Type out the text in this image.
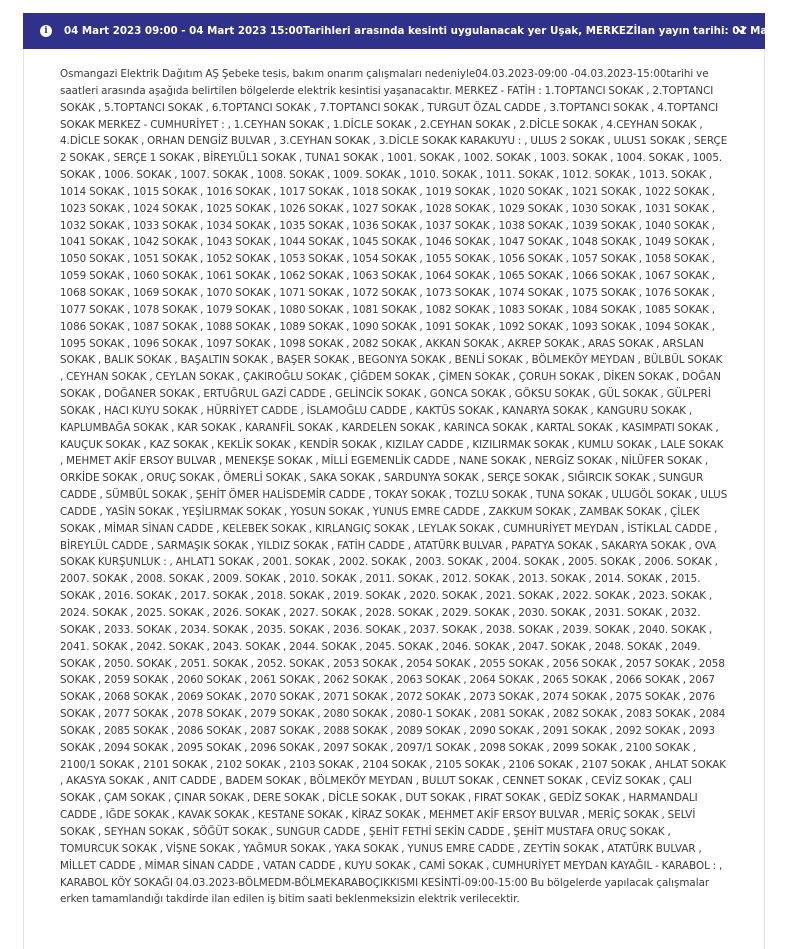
i	04 Mart 2023 09:00 - 04 Mart 2023 15:00 Tarihleri arasında kesinti uygulanacak yer Uşak, MERKEZ İlan yayın tarihi: 01 Mart 2023

Osmangazi Elektrik Dağıtım AŞ Şebeke tesis, bakım onarım çalışmaları nedeniyle04.03.2023-09:00 -04.03.2023-15:00tarihi ve saatleri arasında aşağıda belirtilen bölgelerde elektrik kesintisi yaşanacaktır. MERKEZ - FATİH : 1.TOPTANCI SOKAK , 2.TOPTANCI SOKAK , 5.TOPTANCI SOKAK , 6.TOPTANCI SOKAK , 7.TOPTANCI SOKAK , TURGUT ÖZAL CADDE , 3.TOPTANCI SOKAK , 4.TOPTANCI SOKAK MERKEZ - CUMHURİYET : , 1.CEYHAN SOKAK , 1.DİCLE SOKAK , 2.CEYHAN SOKAK , 2.DİCLE SOKAK , 4.CEYHAN SOKAK , 4.DİCLE SOKAK , ORHAN DENGİZ BULVAR , 3.CEYHAN SOKAK , 3.DİCLE SOKAK KARAKUYU : , ULUS 2 SOKAK , ULUS1 SOKAK , SERÇE 2 SOKAK , SERÇE 1 SOKAK , BİREYLÜL1 SOKAK , TUNA1 SOKAK , 1001. SOKAK , 1002. SOKAK , 1003. SOKAK , 1004. SOKAK , 1005. SOKAK , 1006. SOKAK , 1007. SOKAK , 1008. SOKAK , 1009. SOKAK , 1010. SOKAK , 1011. SOKAK , 1012. SOKAK , 1013. SOKAK , 1014 SOKAK , 1015 SOKAK , 1016 SOKAK , 1017 SOKAK , 1018 SOKAK , 1019 SOKAK , 1020 SOKAK , 1021 SOKAK , 1022 SOKAK , 1023 SOKAK , 1024 SOKAK , 1025 SOKAK , 1026 SOKAK , 1027 SOKAK , 1028 SOKAK , 1029 SOKAK , 1030 SOKAK , 1031 SOKAK , 1032 SOKAK , 1033 SOKAK , 1034 SOKAK , 1035 SOKAK , 1036 SOKAK , 1037 SOKAK , 1038 SOKAK , 1039 SOKAK , 1040 SOKAK , 1041 SOKAK , 1042 SOKAK , 1043 SOKAK , 1044 SOKAK , 1045 SOKAK , 1046 SOKAK , 1047 SOKAK , 1048 SOKAK , 1049 SOKAK , 1050 SOKAK , 1051 SOKAK , 1052 SOKAK , 1053 SOKAK , 1054 SOKAK , 1055 SOKAK , 1056 SOKAK , 1057 SOKAK , 1058 SOKAK , 1059 SOKAK , 1060 SOKAK , 1061 SOKAK , 1062 SOKAK , 1063 SOKAK , 1064 SOKAK , 1065 SOKAK , 1066 SOKAK , 1067 SOKAK , 1068 SOKAK , 1069 SOKAK , 1070 SOKAK , 1071 SOKAK , 1072 SOKAK , 1073 SOKAK , 1074 SOKAK , 1075 SOKAK , 1076 SOKAK , 1077 SOKAK , 1078 SOKAK , 1079 SOKAK , 1080 SOKAK , 1081 SOKAK , 1082 SOKAK , 1083 SOKAK , 1084 SOKAK , 1085 SOKAK , 1086 SOKAK , 1087 SOKAK , 1088 SOKAK , 1089 SOKAK , 1090 SOKAK , 1091 SOKAK , 1092 SOKAK , 1093 SOKAK , 1094 SOKAK , 1095 SOKAK , 1096 SOKAK , 1097 SOKAK , 1098 SOKAK , 2082 SOKAK , AKKAN SOKAK , AKREP SOKAK , ARAS SOKAK , ARSLAN SOKAK , BALIK SOKAK , BAŞALTIN SOKAK , BAŞER SOKAK , BEGONYA SOKAK , BENLİ SOKAK , BÖLMEKÖY MEYDAN , BÜLBÜL SOKAK , CEYHAN SOKAK , CEYLAN SOKAK , ÇAKIROĞLU SOKAK , ÇİĞDEM SOKAK , ÇİMEN SOKAK , ÇORUH SOKAK , DİKEN SOKAK , DOĞAN SOKAK , DOĞANER SOKAK , ERTUĞRUL GAZİ CADDE , GELİNCİK SOKAK , GONCA SOKAK , GÖKSU SOKAK , GÜL SOKAK , GÜLPERİ SOKAK , HACI KUYU SOKAK , HÜRRİYET CADDE , İSLAMOĞLU CADDE , KAKTÜS SOKAK , KANARYA SOKAK , KANGURU SOKAK , KAPLUMBAĞA SOKAK , KAR SOKAK , KARANFİL SOKAK , KARDELEN SOKAK , KARINCA SOKAK , KARTAL SOKAK , KASIMPATI SOKAK , KAUÇUK SOKAK , KAZ SOKAK , KEKLİK SOKAK , KENDİR SOKAK , KIZILAY CADDE , KIZILIRMAK SOKAK , KUMLU SOKAK , LALE SOKAK , MEHMET AKİF ERSOY BULVAR , MENEKŞE SOKAK , MİLLİ EGEMENLİK CADDE , NANE SOKAK , NERGİZ SOKAK , NİLÜFER SOKAK , ORKİDE SOKAK , ORUÇ SOKAK , ÖMERLİ SOKAK , SAKA SOKAK , SARDUNYA SOKAK , SERÇE SOKAK , SIĞIRCIK SOKAK , SUNGUR CADDE , SÜMBÜL SOKAK , ŞEHİT ÖMER HALİSDEMİR CADDE , TOKAY SOKAK , TOZLU SOKAK , TUNA SOKAK , ULUGÖL SOKAK , ULUS CADDE , YASİN SOKAK , YEŞİLIRMAK SOKAK , YOSUN SOKAK , YUNUS EMRE CADDE , ZAKKUM SOKAK , ZAMBAK SOKAK , ÇİLEK SOKAK , MİMAR SİNAN CADDE , KELEBEK SOKAK , KIRLANGIÇ SOKAK , LEYLAK SOKAK , CUMHURİYET MEYDAN , İSTİKLAL CADDE , BİREYLÜL CADDE , SARMAŞIK SOKAK , YILDIZ SOKAK , FATİH CADDE , ATATÜRK BULVAR , PAPATYA SOKAK , SAKARYA SOKAK , OVA SOKAK KURŞUNLUK : , AHLAT1 SOKAK , 2001. SOKAK , 2002. SOKAK , 2003. SOKAK , 2004. SOKAK , 2005. SOKAK , 2006. SOKAK , 2007. SOKAK , 2008. SOKAK , 2009. SOKAK , 2010. SOKAK , 2011. SOKAK , 2012. SOKAK , 2013. SOKAK , 2014. SOKAK , 2015. SOKAK , 2016. SOKAK , 2017. SOKAK , 2018. SOKAK , 2019. SOKAK , 2020. SOKAK , 2021. SOKAK , 2022. SOKAK , 2023. SOKAK , 2024. SOKAK , 2025. SOKAK , 2026. SOKAK , 2027. SOKAK , 2028. SOKAK , 2029. SOKAK , 2030. SOKAK , 2031. SOKAK , 2032. SOKAK , 2033. SOKAK , 2034. SOKAK , 2035. SOKAK , 2036. SOKAK , 2037. SOKAK , 2038. SOKAK , 2039. SOKAK , 2040. SOKAK , 2041. SOKAK , 2042. SOKAK , 2043. SOKAK , 2044. SOKAK , 2045. SOKAK , 2046. SOKAK , 2047. SOKAK , 2048. SOKAK , 2049. SOKAK , 2050. SOKAK , 2051. SOKAK , 2052. SOKAK , 2053 SOKAK , 2054 SOKAK , 2055 SOKAK , 2056 SOKAK , 2057 SOKAK , 2058 SOKAK , 2059 SOKAK , 2060 SOKAK , 2061 SOKAK , 2062 SOKAK , 2063 SOKAK , 2064 SOKAK , 2065 SOKAK , 2066 SOKAK , 2067 SOKAK , 2068 SOKAK , 2069 SOKAK , 2070 SOKAK , 2071 SOKAK , 2072 SOKAK , 2073 SOKAK , 2074 SOKAK , 2075 SOKAK , 2076 SOKAK , 2077 SOKAK , 2078 SOKAK , 2079 SOKAK , 2080 SOKAK , 2080-1 SOKAK , 2081 SOKAK , 2082 SOKAK , 2083 SOKAK , 2084 SOKAK , 2085 SOKAK , 2086 SOKAK , 2087 SOKAK , 2088 SOKAK , 2089 SOKAK , 2090 SOKAK , 2091 SOKAK , 2092 SOKAK , 2093 SOKAK , 2094 SOKAK , 2095 SOKAK , 2096 SOKAK , 2097 SOKAK , 2097/1 SOKAK , 2098 SOKAK , 2099 SOKAK , 2100 SOKAK , 2100/1 SOKAK , 2101 SOKAK , 2102 SOKAK , 2103 SOKAK , 2104 SOKAK , 2105 SOKAK , 2106 SOKAK , 2107 SOKAK , AHLAT SOKAK , AKASYA SOKAK , ANIT CADDE , BADEM SOKAK , BÖLMEKÖY MEYDAN , BULUT SOKAK , CENNET SOKAK , CEVİZ SOKAK , ÇALI SOKAK , ÇAM SOKAK , ÇINAR SOKAK , DERE SOKAK , DİCLE SOKAK , DUT SOKAK , FIRAT SOKAK , GEDİZ SOKAK , HARMANDALI CADDE , IĞDE SOKAK , KAVAK SOKAK , KESTANE SOKAK , KİRAZ SOKAK , MEHMET AKİF ERSOY BULVAR , MERİÇ SOKAK , SELVİ SOKAK , SEYHAN SOKAK , SÖĞÜT SOKAK , SUNGUR CADDE , ŞEHİT FETHİ SEKİN CADDE , ŞEHİT MUSTAFA ORUÇ SOKAK , TOMURCUK SOKAK , VİŞNE SOKAK , YAĞMUR SOKAK , YAKA SOKAK , YUNUS EMRE CADDE , ZEYTİN SOKAK , ATATÜRK BULVAR , MİLLET CADDE , MİMAR SİNAN CADDE , VATAN CADDE , KUYU SOKAK , CAMİ SOKAK , CUMHURİYET MEYDAN KAYAĞIL - KARABOL : , KARABOL KÖY SOKAĞI 04.03.2023-BÖLMEDM-BÖLMEKARABOÇIKKISMI KESİNTİ-09:00-15:00 Bu bölgelerde yapılacak çalışmalar erken tamamlandığı takdirde ilan edilen iş bitim saati beklenmeksizin elektrik verilecektir.
